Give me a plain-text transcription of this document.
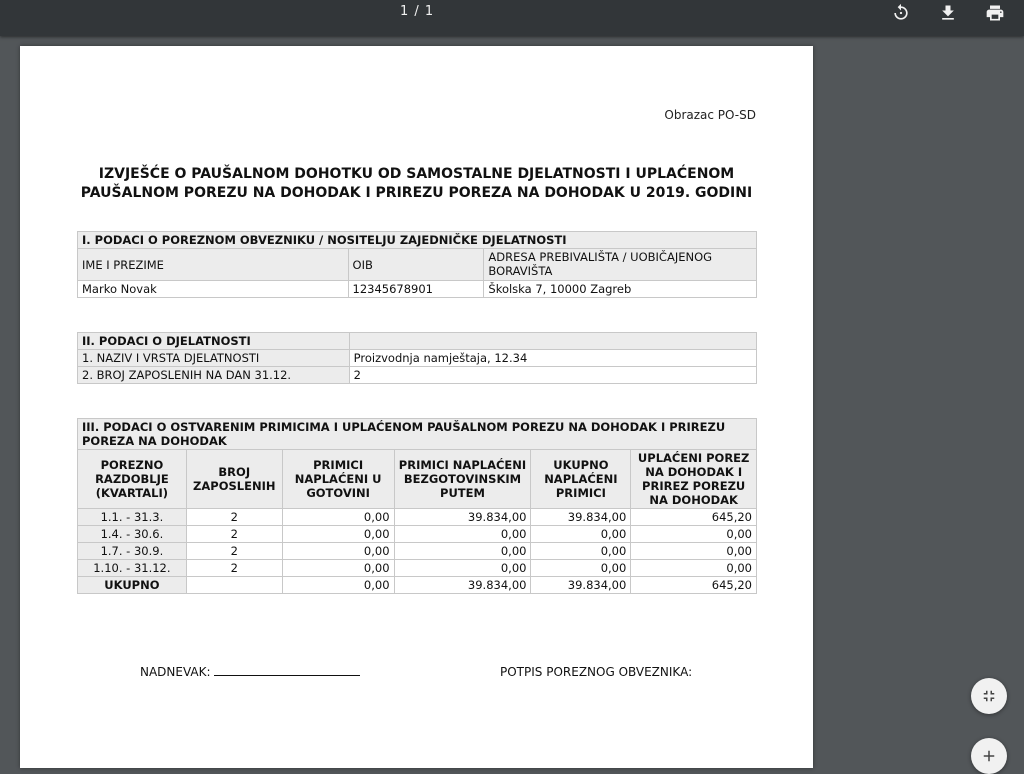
1 / 1
Obrazac PO-SD
IZVJEŠĆE O PAUŠALNOM DOHOTKU OD SAMOSTALNE DJELATNOSTI I UPLAĆENOM
PAUŠALNOM POREZU NA DOHODAK I PRIREZU POREZA NA DOHODAK U 2019. GODINI
I. PODACI O POREZNOM OBVEZNIKU / NOSITELJU ZAJEDNIČKE DJELATNOSTI		
IME I PREZIME	OIB	ADRESA PREBIVALIŠTA / UOBIČAJENOG BORAVIŠTA
Marko Novak	12345678901	Školska 7, 10000 Zagreb
II. PODACI O DJELATNOSTI	
1. NAZIV I VRSTA DJELATNOSTI	Proizvodnja namještaja, 12.34
2. BROJ ZAPOSLENIH NA DAN 31.12.	2
III. PODACI O OSTVARENIM PRIMICIMA I UPLAĆENOM PAUŠALNOM POREZU NA DOHODAK I PRIREZU POREZA NA DOHODAK					
POREZNO RAZDOBLJE (KVARTALI)	BROJ ZAPOSLENIH	PRIMICI NAPLAĆENI U GOTOVINI	PRIMICI NAPLAĆENI BEZGOTOVINSKIM PUTEM	UKUPNO NAPLAĆENI PRIMICI	UPLAĆENI POREZ NA DOHODAK I PRIREZ POREZU NA DOHODAK
1.1. - 31.3.	2	0,00	39.834,00	39.834,00	645,20
1.4. - 30.6.	2	0,00	0,00	0,00	0,00
1.7. - 30.9.	2	0,00	0,00	0,00	0,00
1.10. - 31.12.	2	0,00	0,00	0,00	0,00
UKUPNO		0,00	39.834,00	39.834,00	645,20
NADNEVAK:	POTPIS POREZNOG OBVEZNIKA:
